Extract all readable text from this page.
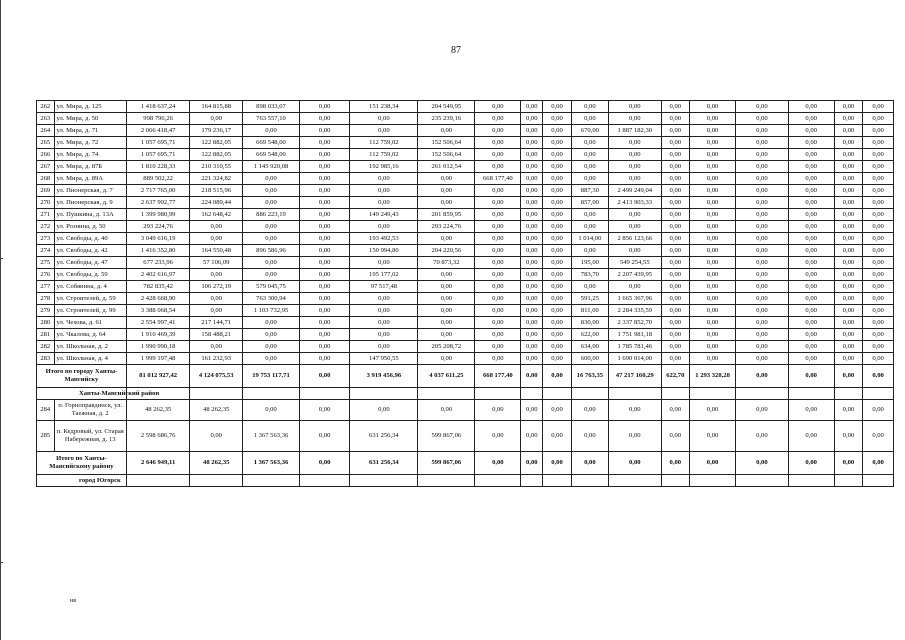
87
262	ул. Мира, д. 125	1 418 637,24	164 815,88	898 033,07	0,00	151 238,34	204 549,95	0,00	0,00	0,00	0,00	0,00	0,00	0,00	0,00	0,00	0,00	0,00
263	ул. Мира, д. 50	998 796,26	0,00	763 557,10	0,00	0,00	235 239,16	0,00	0,00	0,00	0,00	0,00	0,00	0,00	0,00	0,00	0,00	0,00
264	ул. Мира, д. 71	2 066 418,47	179 236,17	0,00	0,00	0,00	0,00	0,00	0,00	0,00	670,00	1 887 182,30	0,00	0,00	0,00	0,00	0,00	0,00
265	ул. Мира, д. 72	1 057 695,71	122 882,05	669 548,00	0,00	112 759,02	152 506,64	0,00	0,00	0,00	0,00	0,00	0,00	0,00	0,00	0,00	0,00	0,00
266	ул. Мира, д. 74	1 057 695,71	122 882,05	669 548,00	0,00	112 759,02	152 506,64	0,00	0,00	0,00	0,00	0,00	0,00	0,00	0,00	0,00	0,00	0,00
267	ул. Мира, д. 87Б	1 810 228,33	210 310,55	1 145 920,08	0,00	192 985,16	261 012,54	0,00	0,00	0,00	0,00	0,00	0,00	0,00	0,00	0,00	0,00	0,00
268	ул. Мира, д. 89А	889 502,22	221 324,82	0,00	0,00	0,00	0,00	668 177,40	0,00	0,00	0,00	0,00	0,00	0,00	0,00	0,00	0,00	0,00
269	ул. Пионерская, д. 7	2 717 765,00	218 515,96	0,00	0,00	0,00	0,00	0,00	0,00	0,00	887,30	2 499 249,04	0,00	0,00	0,00	0,00	0,00	0,00
270	ул. Пионерская, д. 9	2 637 992,77	224 089,44	0,00	0,00	0,00	0,00	0,00	0,00	0,00	857,00	2 413 903,33	0,00	0,00	0,00	0,00	0,00	0,00
271	ул. Пушкина, д. 13А	1 399 980,99	162 648,42	886 223,19	0,00	149 249,43	201 859,95	0,00	0,00	0,00	0,00	0,00	0,00	0,00	0,00	0,00	0,00	0,00
272	ул. Рознина, д. 50	293 224,76	0,00	0,00	0,00	0,00	293 224,76	0,00	0,00	0,00	0,00	0,00	0,00	0,00	0,00	0,00	0,00	0,00
273	ул. Свободы, д. 40	3 049 616,19	0,00	0,00	0,00	193 492,53	0,00	0,00	0,00	0,00	1 014,00	2 856 123,66	0,00	0,00	0,00	0,00	0,00	0,00
274	ул. Свободы, д. 42	1 416 352,80	164 550,48	896 586,96	0,00	150 994,80	204 220,56	0,00	0,00	0,00	0,00	0,00	0,00	0,00	0,00	0,00	0,00	0,00
275	ул. Свободы, д. 47	677 233,96	57 106,09	0,00	0,00	0,00	70 873,32	0,00	0,00	0,00	195,00	549 254,55	0,00	0,00	0,00	0,00	0,00	0,00
276	ул. Свободы, д. 59	2 402 616,97	0,00	0,00	0,00	195 177,02	0,00	0,00	0,00	0,00	783,70	2 207 439,95	0,00	0,00	0,00	0,00	0,00	0,00
277	ул. Собянина, д. 4	782 835,42	106 272,19	579 045,75	0,00	97 517,48	0,00	0,00	0,00	0,00	0,00	0,00	0,00	0,00	0,00	0,00	0,00	0,00
278	ул. Строителей, д. 59	2 428 668,90	0,00	763 300,94	0,00	0,00	0,00	0,00	0,00	0,00	591,25	1 665 367,96	0,00	0,00	0,00	0,00	0,00	0,00
279	ул. Строителей, д. 99	3 388 068,54	0,00	1 103 732,95	0,00	0,00	0,00	0,00	0,00	0,00	811,00	2 284 335,59	0,00	0,00	0,00	0,00	0,00	0,00
280	ул. Чехова, д. 61	2 554 997,41	217 144,71	0,00	0,00	0,00	0,00	0,00	0,00	0,00	830,00	2 337 852,70	0,00	0,00	0,00	0,00	0,00	0,00
281	ул. Чкалова, д. 64	1 910 469,39	158 488,21	0,00	0,00	0,00	0,00	0,00	0,00	0,00	622,00	1 751 981,18	0,00	0,00	0,00	0,00	0,00	0,00
282	ул. Школьная, д. 2	1 990 990,18	0,00	0,00	0,00	0,00	205 208,72	0,00	0,00	0,00	634,00	1 785 781,46	0,00	0,00	0,00	0,00	0,00	0,00
283	ул. Школьная, д. 4	1 999 197,48	161 232,93	0,00	0,00	147 950,55	0,00	0,00	0,00	0,00	600,00	1 690 014,00	0,00	0,00	0,00	0,00	0,00	0,00
Итого по городу Ханты-Мансийску		81 012 927,42	4 124 075,53	19 753 117,71	0,00	3 919 456,96	4 037 611,25	668 177,40	0,00	0,00	16 763,35	47 217 160,29	622,70	1 293 328,28	0,00	0,00	0,00	0,00
Ханты-Мансийский район																		
284	п. Горноправдинск, ул. Таежная, д. 2	48 262,35	48 262,35	0,00	0,00	0,00	0,00	0,00	0,00	0,00	0,00	0,00	0,00	0,00	0,00	0,00	0,00	0,00
285	п. Кедровый, ул. Старая Набережная, д. 13	2 598 686,76	0,00	1 367 563,36	0,00	631 256,34	599 867,06	0,00	0,00	0,00	0,00	0,00	0,00	0,00	0,00	0,00	0,00	0,00
Итого по Ханты-Мансийскому району		2 646 949,11	48 262,35	1 367 563,36	0,00	631 256,34	599 867,06	0,00	0,00	0,00	0,00	0,00	0,00	0,00	0,00	0,00	0,00	0,00
город Югорск																		
нв
